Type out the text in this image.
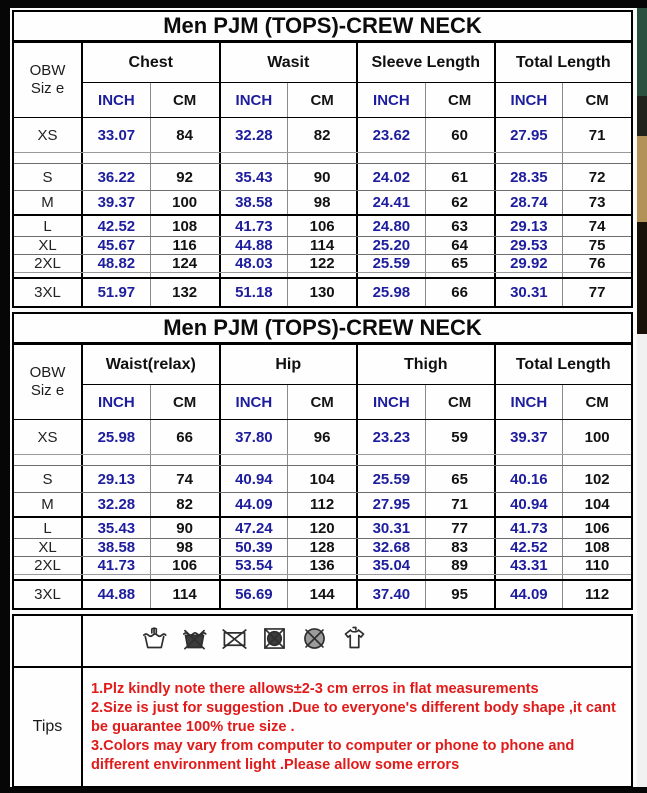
Men PJM (TOPS)-CREW NECK
OBW
Siz e
Chest	Wasit	Sleeve Length	Total Length
INCH	CM	INCH	CM	INCH	CM	INCH	CM
XS	33.07	84	32.28	82	23.62	60	27.95	71
S	36.22	92	35.43	90	24.02	61	28.35	72
M	39.37	100	38.58	98	24.41	62	28.74	73
L	42.52	108	41.73	106	24.80	63	29.13	74
XL	45.67	116	44.88	114	25.20	64	29.53	75
2XL	48.82	124	48.03	122	25.59	65	29.92	76
3XL	51.97	132	51.18	130	25.98	66	30.31	77
Men PJM (TOPS)-CREW NECK
OBW
Siz e
Waist(relax)	Hip	Thigh	Total Length
INCH	CM	INCH	CM	INCH	CM	INCH	CM
XS	25.98	66	37.80	96	23.23	59	39.37	100
S	29.13	74	40.94	104	25.59	65	40.16	102
M	32.28	82	44.09	112	27.95	71	40.94	104
L	35.43	90	47.24	120	30.31	77	41.73	106
XL	38.58	98	50.39	128	32.68	83	42.52	108
2XL	41.73	106	53.54	136	35.04	89	43.31	110
3XL	44.88	114	56.69	144	37.40	95	44.09	112
Tips

1.Plz kindly note there allows±2-3 cm erros in flat measurements

2.Size is just for suggestion .Due to everyone's different body shape ,it cant be guarantee 100% true size .

3.Colors may vary from computer to computer or phone to phone and different environment light .Please allow some errors
